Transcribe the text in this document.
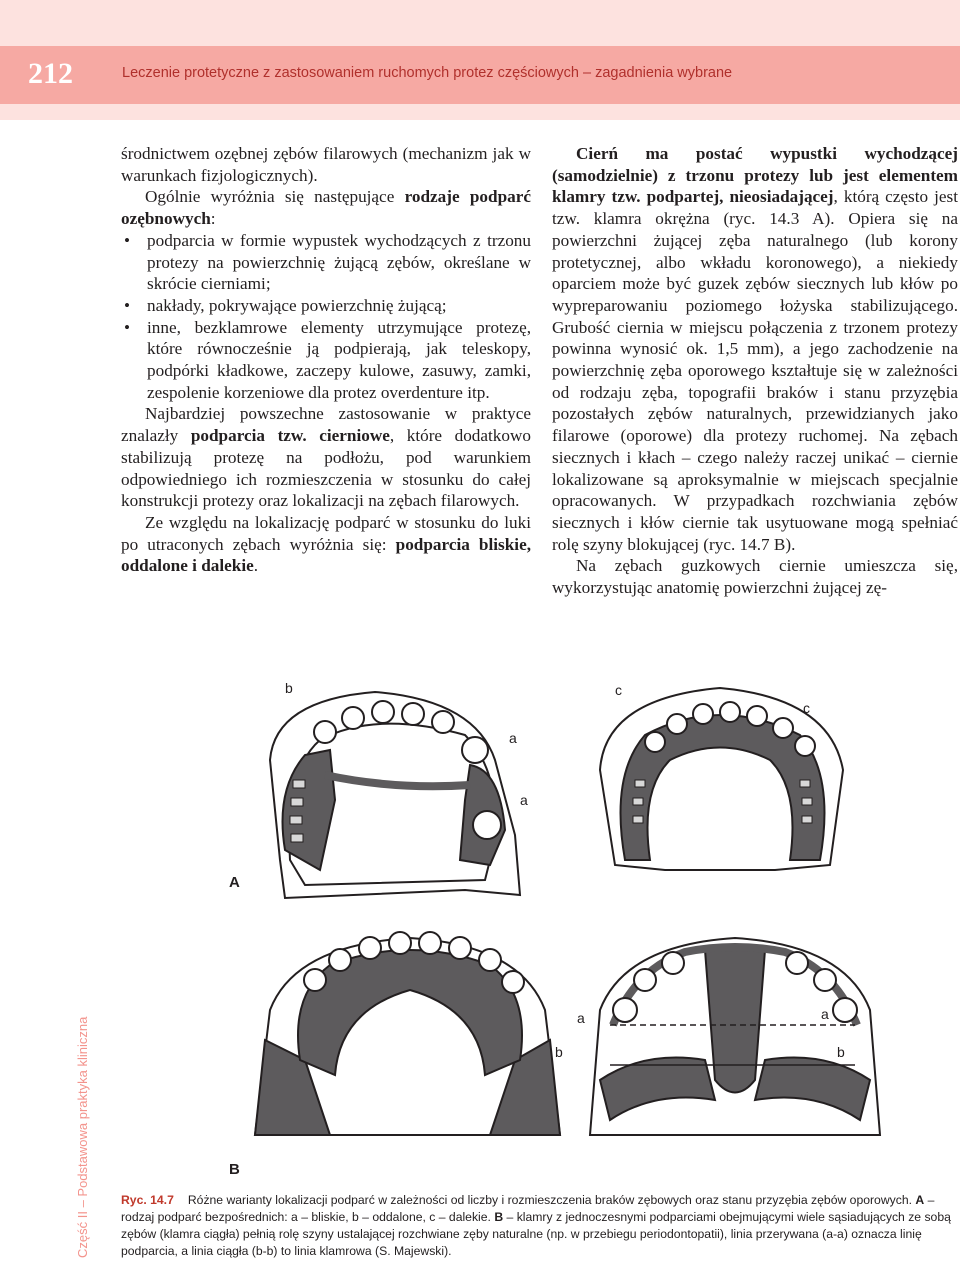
212	Leczenie protetyczne z zastosowaniem ruchomych protez częściowych – zagadnienia wybrane
Część II – Podstawowa praktyka kliniczna

środnictwem ozębnej zębów filarowych (mechanizm jak w warunkach fizjologicznych).

Ogólnie wyróżnia się następujące rodzaje podparć ozębnowych:

• podparcia w formie wypustek wychodzących z trzonu protezy na powierzchnię żującą zębów, określane w skrócie cierniami;
• nakłady, pokrywające powierzchnię żującą;
• inne, bezklamrowe elementy utrzymujące protezę, które równocześnie ją podpierają, jak teleskopy, podpórki kładkowe, zaczepy kulowe, zasuwy, zamki, zespolenie korzeniowe dla protez overdenture itp.

Najbardziej powszechne zastosowanie w praktyce znalazły podparcia tzw. cierniowe, które dodatkowo stabilizują protezę na podłożu, pod warunkiem odpowiedniego ich rozmieszczenia w stosunku do całej konstrukcji protezy oraz lokalizacji na zębach filarowych.

Ze względu na lokalizację podparć w stosunku do luki po utraconych zębach wyróżnia się: podparcia bliskie, oddalone i dalekie.

Cierń ma postać wypustki wychodzącej (samodzielnie) z trzonu protezy lub jest elementem klamry tzw. podpartej, nieosiadającej, którą często jest tzw. klamra okrężna (ryc. 14.3 A). Opiera się na powierzchni żującej zęba naturalnego (lub korony protetycznej, albo wkładu koronowego), a niekiedy oparciem może być guzek zębów siecznych lub kłów po wypreparowaniu poziomego łożyska stabilizującego. Grubość ciernia w miejscu połączenia z trzonem protezy powinna wynosić ok. 1,5 mm), a jego zachodzenie na powierzchnię zęba oporowego kształtuje się w zależności od rodzaju zęba, topografii braków i stanu przyzębia pozostałych zębów naturalnych, przewidzianych jako filarowe (oporowe) dla protezy ruchomej. Na zębach siecznych i kłach – czego należy raczej unikać – ciernie lokalizowane są aproksymalnie w miejscach specjalnie opracowanych. W przypadkach rozchwiania zębów siecznych i kłów ciernie tak usytuowane mogą spełniać rolę szyny blokującej (ryc. 14.7 B).

Na zębach guzkowych ciernie umieszcza się, wykorzystując anatomię powierzchni żującej zę-

b
a
a
c
c
A
a	a
b	b
B
Ryc. 14.7 Różne warianty lokalizacji podparć w zależności od liczby i rozmieszczenia braków zębowych oraz stanu przyzębia zębów oporowych. A – rodzaj podparć bezpośrednich: a – bliskie, b – oddalone, c – dalekie. B – klamry z jednoczesnymi podparciami obejmującymi wiele sąsiadujących ze sobą zębów (klamra ciągła) pełnią rolę szyny ustalającej rozchwiane zęby naturalne (np. w przebiegu periodontopatii), linia przerywana (a-a) oznacza linię podparcia, a linia ciągła (b-b) to linia klamrowa (S. Majewski).
